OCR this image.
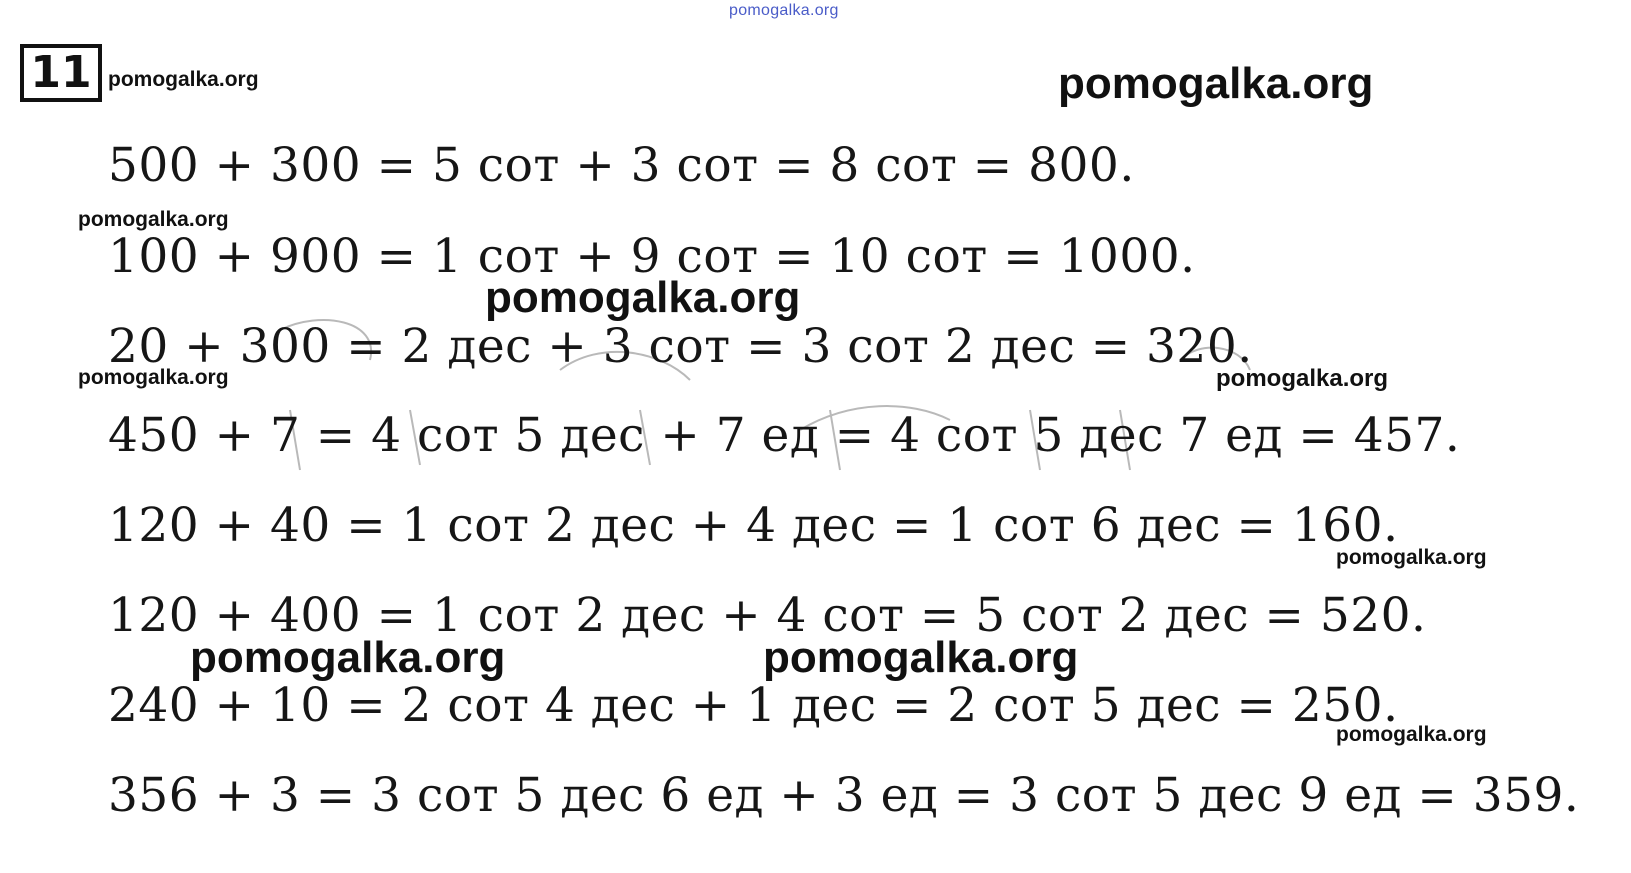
pomogalka.org
11 pomogalka.org	pomogalka.org
500 + 300 = 5 сот + 3 сот = 8 сот = 800.
pomogalka.org
100 + 900 = 1 сот + 9 сот = 10 сот = 1000.
pomogalka.org
20 + 300 = 2 дес + 3 сот = 3 сот 2 дес = 320.
pomogalka.org	pomogalka.org
450 + 7 = 4 сот 5 дес + 7 ед = 4 сот 5 дес 7 ед = 457.
120 + 40 = 1 сот 2 дес + 4 дес = 1 сот 6 дес = 160.
pomogalka.org
120 + 400 = 1 сот 2 дес + 4 сот = 5 сот 2 дес = 520.
pomogalka.org	pomogalka.org
240 + 10 = 2 сот 4 дес + 1 дес = 2 сот 5 дес = 250.
pomogalka.org
356 + 3 = 3 сот 5 дес 6 ед + 3 ед = 3 сот 5 дес 9 ед = 359.
